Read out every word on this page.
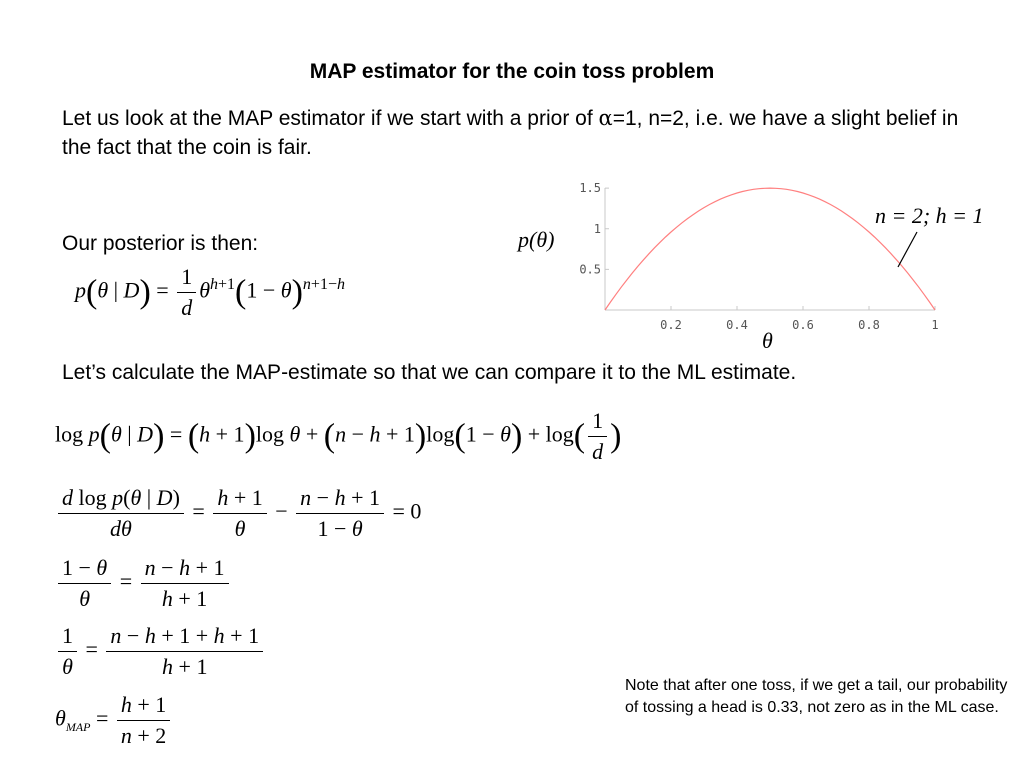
MAP estimator for the coin toss problem
Let us look at the MAP estimator if we start with a prior of α=1, n=2, i.e. we have a slight belief in the fact that the coin is fair.
Our posterior is then:
p(θ | $D) = \frac{1}{d} \theta^{h+1}(1 - \theta)^{n+1-h}$
0.2	0.4	0.6	0.8	1
0.5
1
1.5
p(θ)
θ
n = 2; h = 1
Let’s calculate the MAP-estimate so that we can compare it to the ML estimate.
log p(θ | D) = (h + 1)log $\theta + (n - h + 1)\log(1 - \theta) + \log( \frac{1}{d}$ )
$\frac{\text{d log p(θ | D)}}{d\theta} = \frac{h + 1}{\theta} - \frac{n - h + 1}{1 - \theta} = 0$
$\frac{1 - \theta}{\theta} = \frac{n - h + 1}{h + 1}$
$\frac{1}{\theta} = \frac{n - h + 1 + h + 1}{h + 1}$
$\theta_{MAP} = \frac{h + 1}{n + 2}$
Note that after one toss, if we get a tail, our probability of tossing a head is 0.33, not zero as in the ML case.
